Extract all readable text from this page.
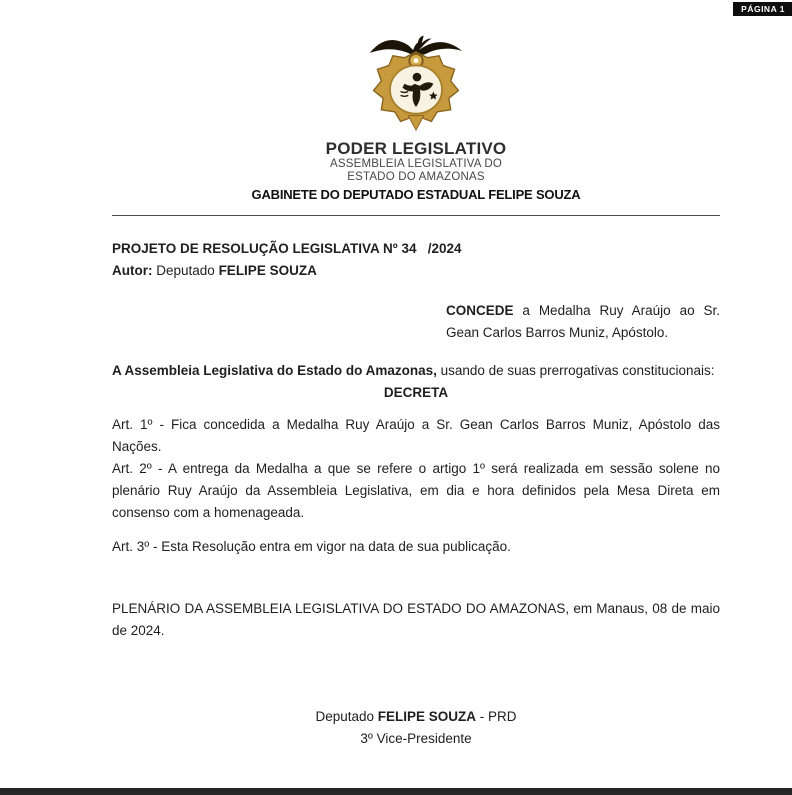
PÁGINA 1
PODER LEGISLATIVO
ASSEMBLEIA LEGISLATIVA DO
ESTADO DO AMAZONAS
GABINETE DO DEPUTADO ESTADUAL FELIPE SOUZA
PROJETO DE RESOLUÇÃO LEGISLATIVA Nº 34   /2024
Autor: Deputado FELIPE SOUZA
CONCEDE a Medalha Ruy Araújo ao Sr. Gean Carlos Barros Muniz, Apóstolo.
A Assembleia Legislativa do Estado do Amazonas, usando de suas prerrogativas constitucionais:
DECRETA

Art. 1º - Fica concedida a Medalha Ruy Araújo a Sr. Gean Carlos Barros Muniz, Apóstolo das Nações.

Art. 2º - A entrega da Medalha a que se refere o artigo 1º será realizada em sessão solene no plenário Ruy Araújo da Assembleia Legislativa, em dia e hora definidos pela Mesa Direta em consenso com a homenageada.

Art. 3º - Esta Resolução entra em vigor na data de sua publicação.

PLENÁRIO DA ASSEMBLEIA LEGISLATIVA DO ESTADO DO AMAZONAS, em Manaus, 08 de maio de 2024.
Deputado FELIPE SOUZA - PRD
3º Vice-Presidente
